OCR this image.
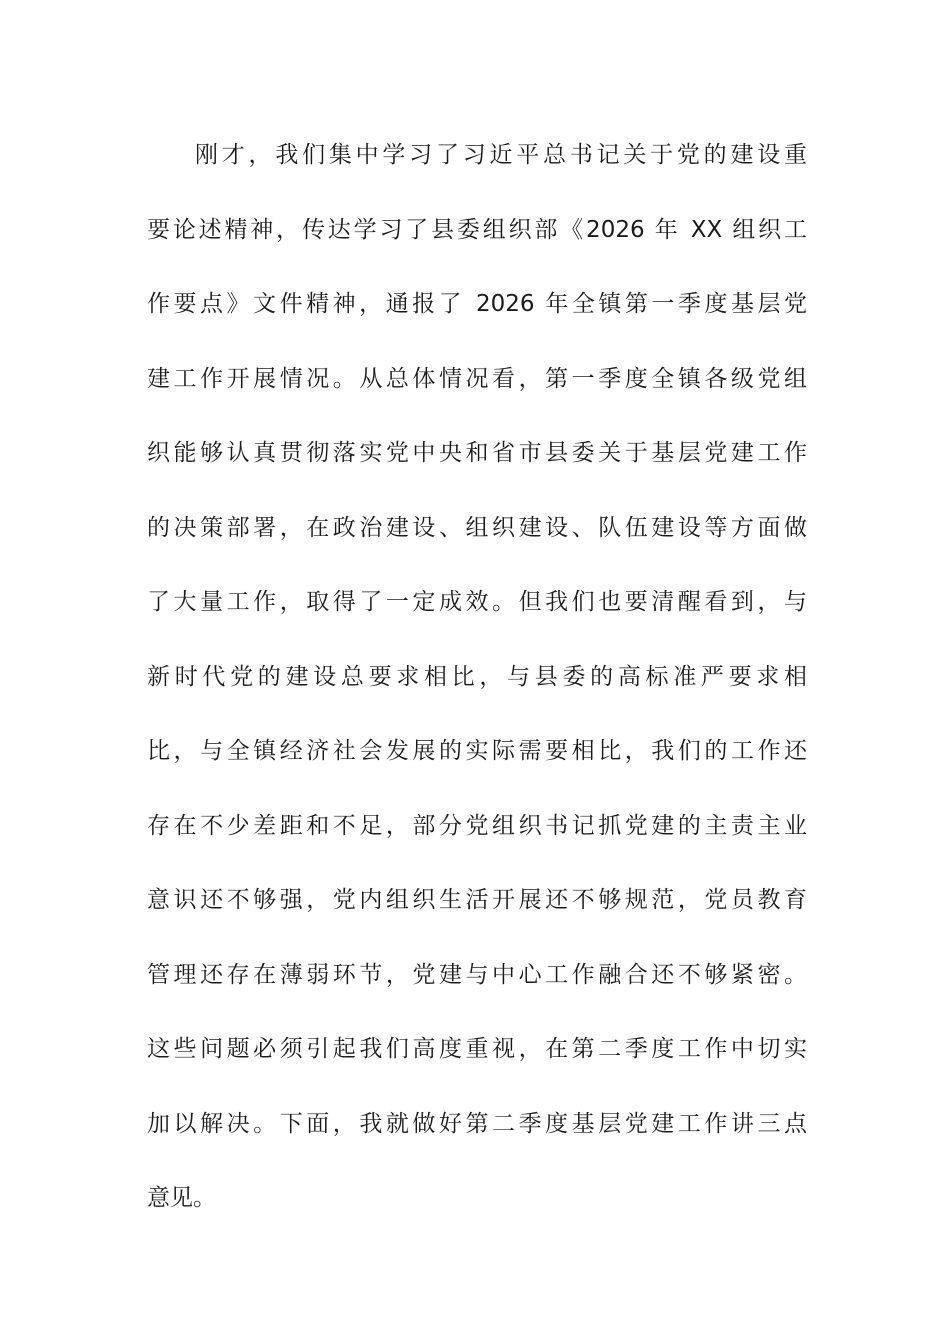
刚才，我们集中学习了习近平总书记关于党的建设重
要论述精神，传达学习了县委组织部《2026 年 XX 组织工
作要点》文件精神，通报了 2026 年全镇第一季度基层党
建工作开展情况。从总体情况看，第一季度全镇各级党组
织能够认真贯彻落实党中央和省市县委关于基层党建工作
的决策部署，在政治建设、组织建设、队伍建设等方面做
了大量工作，取得了一定成效。但我们也要清醒看到，与
新时代党的建设总要求相比，与县委的高标准严要求相
比，与全镇经济社会发展的实际需要相比，我们的工作还
存在不少差距和不足，部分党组织书记抓党建的主责主业
意识还不够强，党内组织生活开展还不够规范，党员教育
管理还存在薄弱环节，党建与中心工作融合还不够紧密。
这些问题必须引起我们高度重视，在第二季度工作中切实
加以解决。下面，我就做好第二季度基层党建工作讲三点
意见。
